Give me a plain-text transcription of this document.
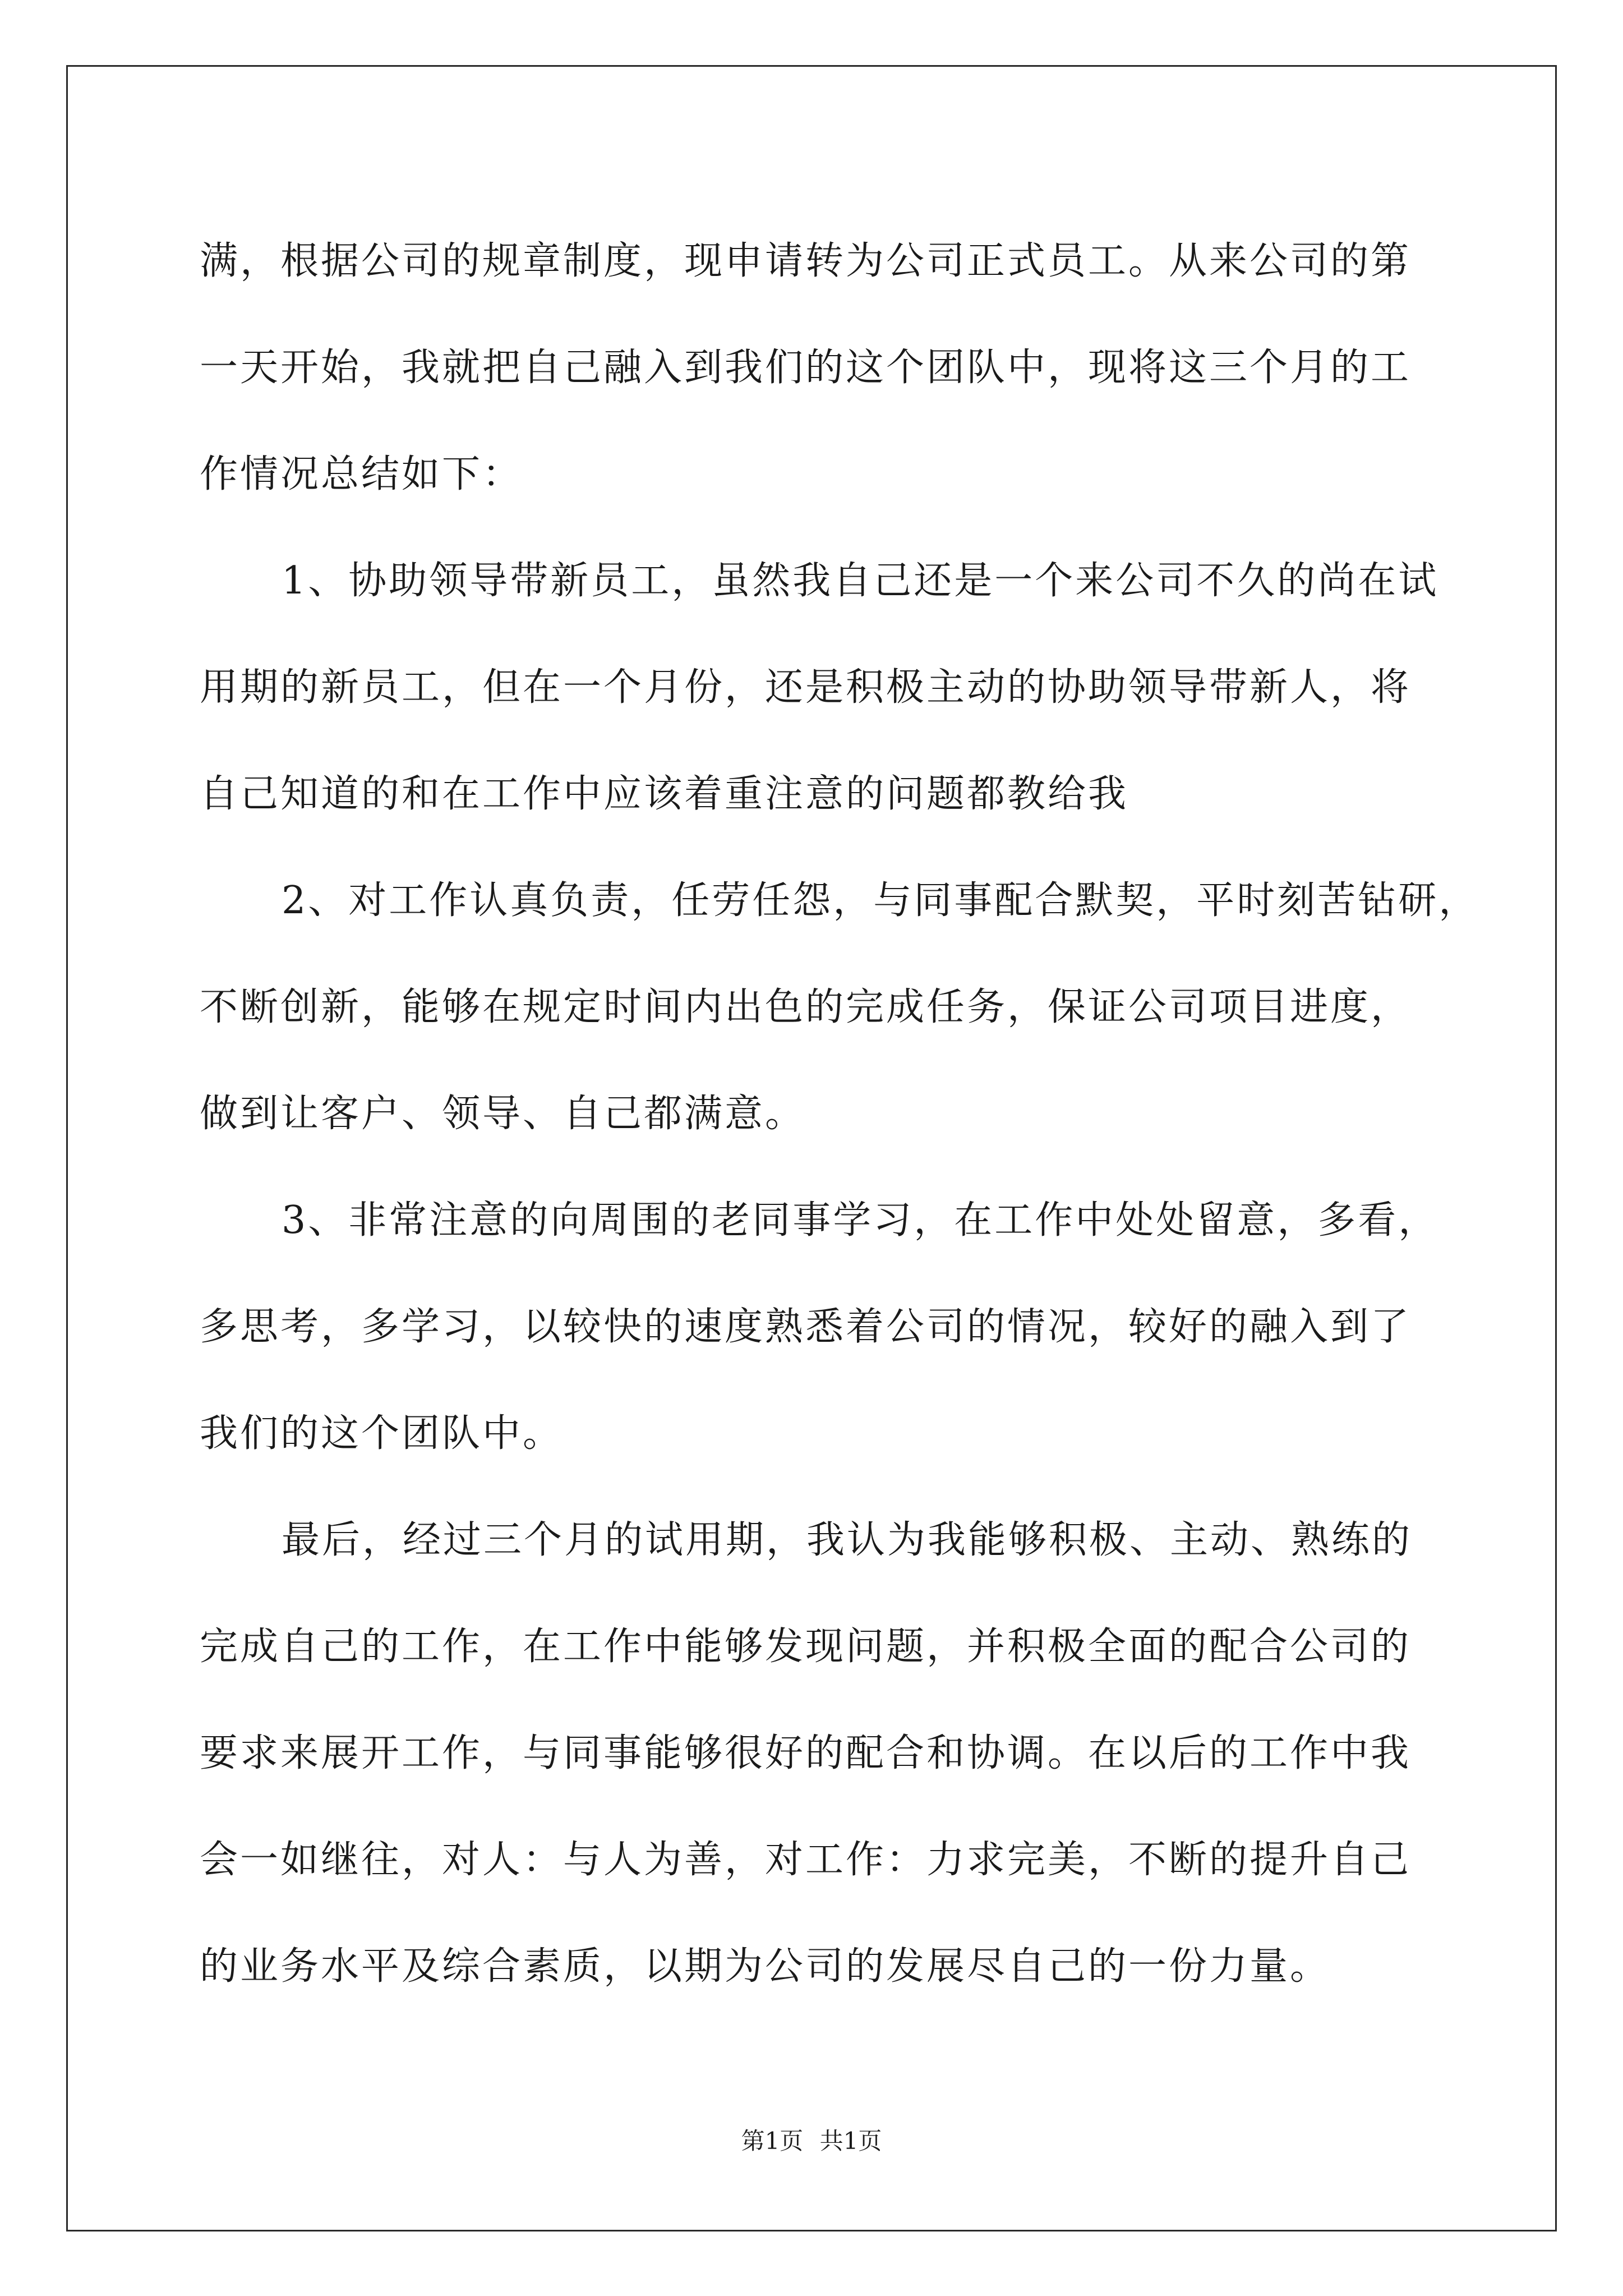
满，根据公司的规章制度，现申请转为公司正式员工。从来公司的第
一天开始，我就把自己融入到我们的这个团队中，现将这三个月的工
作情况总结如下：
1、协助领导带新员工，虽然我自己还是一个来公司不久的尚在试
用期的新员工，但在一个月份，还是积极主动的协助领导带新人，将
自己知道的和在工作中应该着重注意的问题都教给我
2、对工作认真负责，任劳任怨，与同事配合默契，平时刻苦钻研，
不断创新，能够在规定时间内出色的完成任务，保证公司项目进度，
做到让客户、领导、自己都满意。
3、非常注意的向周围的老同事学习，在工作中处处留意，多看，
多思考，多学习，以较快的速度熟悉着公司的情况，较好的融入到了
我们的这个团队中。
最后，经过三个月的试用期，我认为我能够积极、主动、熟练的
完成自己的工作，在工作中能够发现问题，并积极全面的配合公司的
要求来展开工作，与同事能够很好的配合和协调。在以后的工作中我
会一如继往，对人：与人为善，对工作：力求完美，不断的提升自己
的业务水平及综合素质，以期为公司的发展尽自己的一份力量。
第1页 共1页
